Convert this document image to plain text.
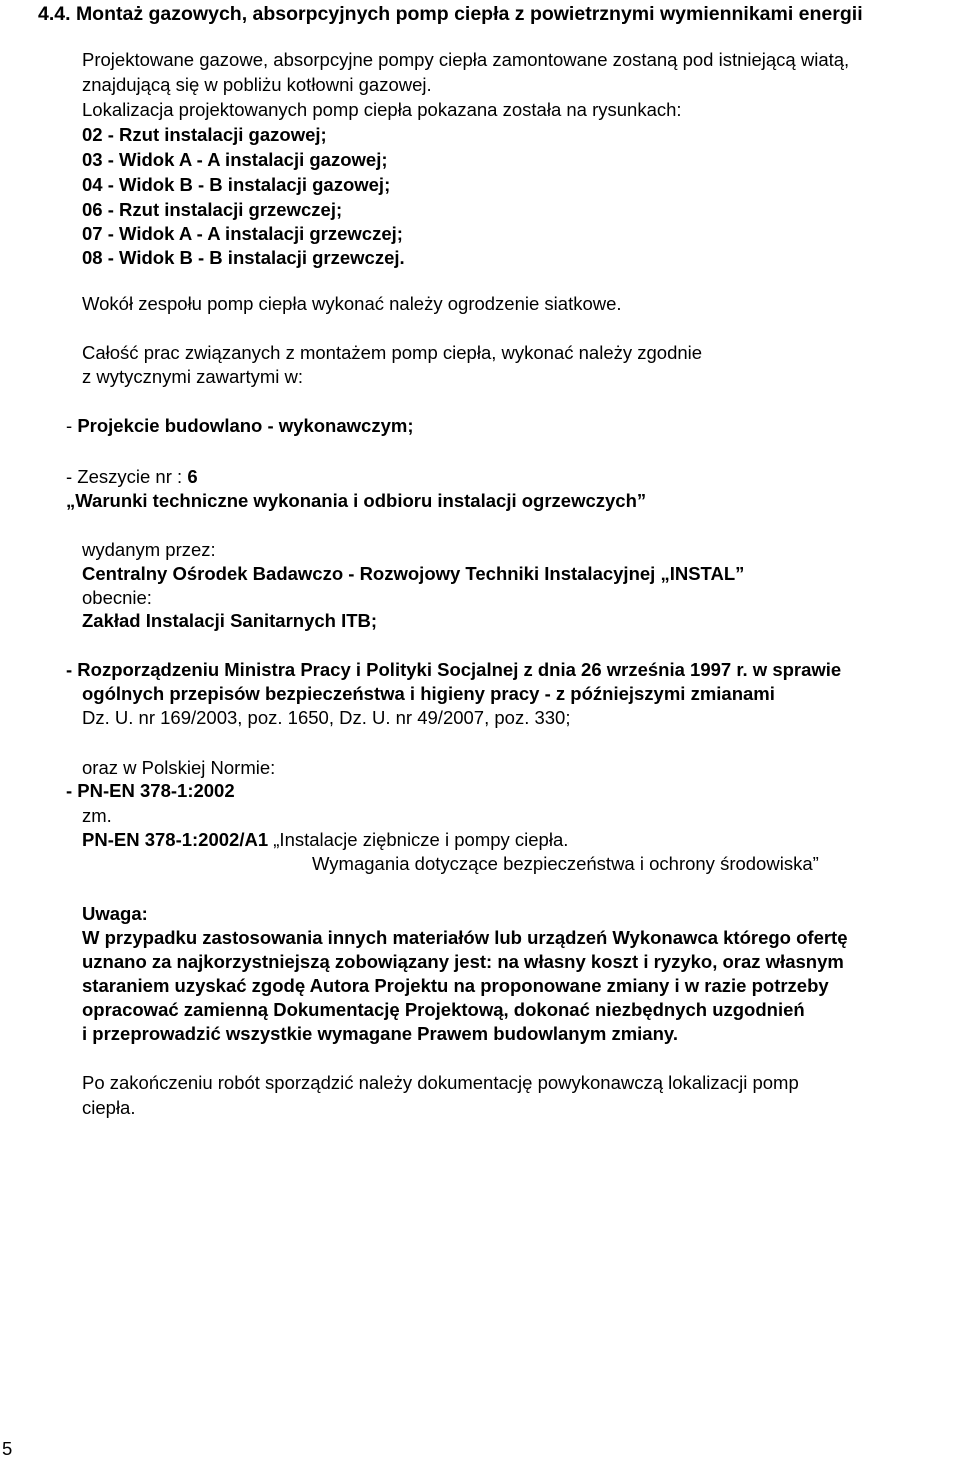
4.4. Montaż gazowych, absorpcyjnych pomp ciepła z powietrznymi wymiennikami energii
Projektowane gazowe, absorpcyjne pompy ciepła zamontowane zostaną pod istniejącą wiatą,
znajdującą się w pobliżu kotłowni gazowej.
Lokalizacja projektowanych pomp ciepła pokazana została na rysunkach:
02 - Rzut instalacji gazowej;
03 - Widok A - A instalacji gazowej;
04 - Widok B - B instalacji gazowej;
06 - Rzut instalacji grzewczej;
07 - Widok A - A instalacji grzewczej;
08 - Widok B - B instalacji grzewczej.
Wokół zespołu pomp ciepła wykonać należy ogrodzenie siatkowe.
Całość prac związanych z montażem pomp ciepła, wykonać należy zgodnie
z wytycznymi zawartymi w:
- Projekcie budowlano - wykonawczym;
- Zeszycie nr : 6
„Warunki techniczne wykonania i odbioru instalacji ogrzewczych”
wydanym przez:
Centralny Ośrodek Badawczo - Rozwojowy Techniki Instalacyjnej „INSTAL”
obecnie:
Zakład Instalacji Sanitarnych ITB;
- Rozporządzeniu Ministra Pracy i Polityki Socjalnej z dnia 26 września 1997 r. w sprawie
ogólnych przepisów bezpieczeństwa i higieny pracy - z późniejszymi zmianami
Dz. U. nr 169/2003, poz. 1650, Dz. U. nr 49/2007, poz. 330;
oraz w Polskiej Normie:
- PN-EN 378-1:2002
zm.
PN-EN 378-1:2002/A1 „Instalacje ziębnicze i pompy ciepła.
Wymagania dotyczące bezpieczeństwa i ochrony środowiska”
Uwaga:
W przypadku zastosowania innych materiałów lub urządzeń Wykonawca którego ofertę
uznano za najkorzystniejszą zobowiązany jest: na własny koszt i ryzyko, oraz własnym
staraniem uzyskać zgodę Autora Projektu na proponowane zmiany i w razie potrzeby
opracować zamienną Dokumentację Projektową, dokonać niezbędnych uzgodnień
i przeprowadzić wszystkie wymagane Prawem budowlanym zmiany.
Po zakończeniu robót sporządzić należy dokumentację powykonawczą lokalizacji pomp
ciepła.
5
